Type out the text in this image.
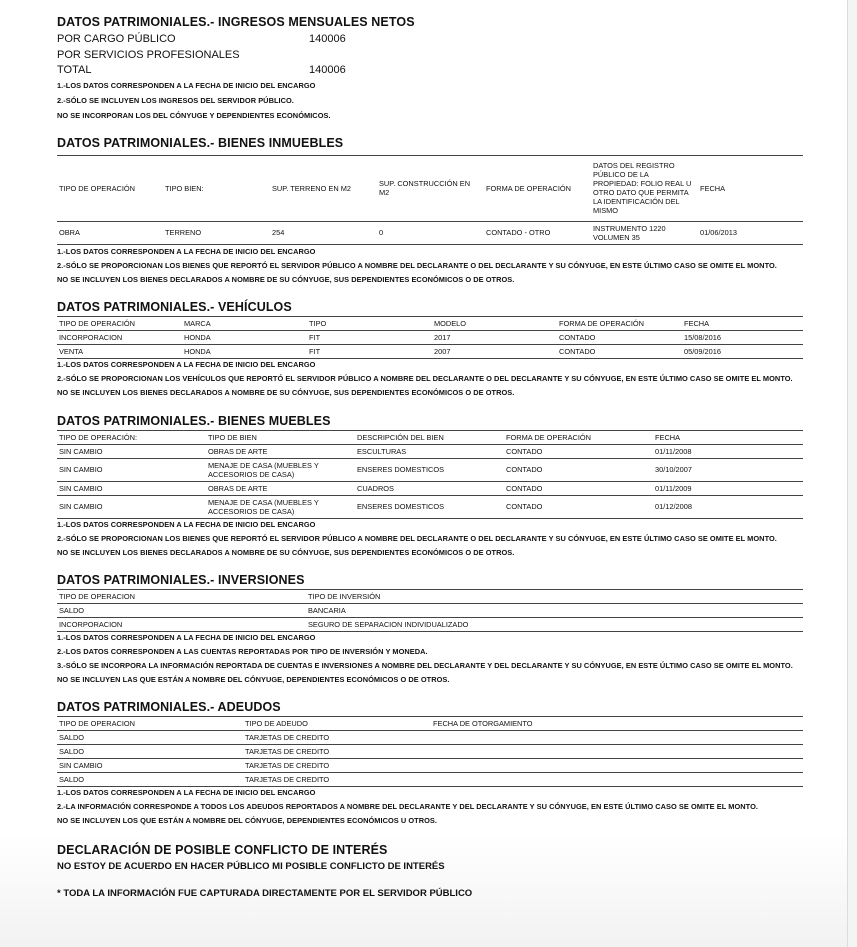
DATOS PATRIMONIALES.- INGRESOS MENSUALES NETOS
POR CARGO PÚBLICO	140006
POR SERVICIOS PROFESIONALES
TOTAL	140006

1.-LOS DATOS CORRESPONDEN A LA FECHA DE INICIO DEL ENCARGO

2.-SÓLO SE INCLUYEN LOS INGRESOS DEL SERVIDOR PÚBLICO.

NO SE INCORPORAN LOS DEL CÓNYUGE Y DEPENDIENTES ECONÓMICOS.

DATOS PATRIMONIALES.- BIENES INMUEBLES
TIPO DE OPERACIÓN	TIPO BIEN:	SUP. TERRENO EN M2	SUP. CONSTRUCCIÓN EN M2	FORMA DE OPERACIÓN	DATOS DEL REGISTRO PÚBLICO DE LA PROPIEDAD: FOLIO REAL U OTRO DATO QUE PERMITA LA IDENTIFICACIÓN DEL MISMO	FECHA
OBRA	TERRENO	254	0	CONTADO - OTRO	INSTRUMENTO 1220 VOLUMEN 35	01/06/2013

1.-LOS DATOS CORRESPONDEN A LA FECHA DE INICIO DEL ENCARGO

2.-SÓLO SE PROPORCIONAN LOS BIENES QUE REPORTÓ EL SERVIDOR PÚBLICO A NOMBRE DEL DECLARANTE O DEL DECLARANTE Y SU CÓNYUGE, EN ESTE ÚLTIMO CASO SE OMITE EL MONTO.

NO SE INCLUYEN LOS BIENES DECLARADOS A NOMBRE DE SU CÓNYUGE, SUS DEPENDIENTES ECONÓMICOS O DE OTROS.

DATOS PATRIMONIALES.- VEHÍCULOS
TIPO DE OPERACIÓN	MARCA	TIPO	MODELO	FORMA DE OPERACIÓN	FECHA
INCORPORACION	HONDA	FIT	2017	CONTADO	15/08/2016
VENTA	HONDA	FIT	2007	CONTADO	05/09/2016

1.-LOS DATOS CORRESPONDEN A LA FECHA DE INICIO DEL ENCARGO

2.-SÓLO SE PROPORCIONAN LOS VEHÍCULOS QUE REPORTÓ EL SERVIDOR PÚBLICO A NOMBRE DEL DECLARANTE O DEL DECLARANTE Y SU CÓNYUGE, EN ESTE ÚLTIMO CASO SE OMITE EL MONTO.

NO SE INCLUYEN LOS BIENES DECLARADOS A NOMBRE DE SU CÓNYUGE, SUS DEPENDIENTES ECONÓMICOS O DE OTROS.

DATOS PATRIMONIALES.- BIENES MUEBLES
TIPO DE OPERACIÓN:	TIPO DE BIEN	DESCRIPCIÓN DEL BIEN	FORMA DE OPERACIÓN	FECHA
SIN CAMBIO	OBRAS DE ARTE	ESCULTURAS	CONTADO	01/11/2008
SIN CAMBIO	MENAJE DE CASA (MUEBLES Y ACCESORIOS DE CASA)	ENSERES DOMESTICOS	CONTADO	30/10/2007
SIN CAMBIO	OBRAS DE ARTE	CUADROS	CONTADO	01/11/2009
SIN CAMBIO	MENAJE DE CASA (MUEBLES Y ACCESORIOS DE CASA)	ENSERES DOMESTICOS	CONTADO	01/12/2008

1.-LOS DATOS CORRESPONDEN A LA FECHA DE INICIO DEL ENCARGO

2.-SÓLO SE PROPORCIONAN LOS BIENES QUE REPORTÓ EL SERVIDOR PÚBLICO A NOMBRE DEL DECLARANTE O DEL DECLARANTE Y SU CÓNYUGE, EN ESTE ÚLTIMO CASO SE OMITE EL MONTO.

NO SE INCLUYEN LOS BIENES DECLARADOS A NOMBRE DE SU CÓNYUGE, SUS DEPENDIENTES ECONÓMICOS O DE OTROS.

DATOS PATRIMONIALES.- INVERSIONES
TIPO DE OPERACION	TIPO DE INVERSIÓN	
SALDO	BANCARIA	
INCORPORACION	SEGURO DE SEPARACION INDIVIDUALIZADO	

1.-LOS DATOS CORRESPONDEN A LA FECHA DE INICIO DEL ENCARGO

2.-LOS DATOS CORRESPONDEN A LAS CUENTAS REPORTADAS POR TIPO DE INVERSIÓN Y MONEDA.

3.-SÓLO SE INCORPORA LA INFORMACIÓN REPORTADA DE CUENTAS E INVERSIONES A NOMBRE DEL DECLARANTE Y DEL DECLARANTE Y SU CÓNYUGE, EN ESTE ÚLTIMO CASO SE OMITE EL MONTO.

NO SE INCLUYEN LAS QUE ESTÁN A NOMBRE DEL CÓNYUGE, DEPENDIENTES ECONÓMICOS O DE OTROS.

DATOS PATRIMONIALES.- ADEUDOS
TIPO DE OPERACION	TIPO DE ADEUDO	FECHA DE OTORGAMIENTO	
SALDO	TARJETAS DE CREDITO		
SALDO	TARJETAS DE CREDITO		
SIN CAMBIO	TARJETAS DE CREDITO		
SALDO	TARJETAS DE CREDITO		

1.-LOS DATOS CORRESPONDEN A LA FECHA DE INICIO DEL ENCARGO

2.-LA INFORMACIÓN CORRESPONDE A TODOS LOS ADEUDOS REPORTADOS A NOMBRE DEL DECLARANTE Y DEL DECLARANTE Y SU CÓNYUGE, EN ESTE ÚLTIMO CASO SE OMITE EL MONTO.

NO SE INCLUYEN LOS QUE ESTÁN A NOMBRE DEL CÓNYUGE, DEPENDIENTES ECONÓMICOS U OTROS.

DECLARACIÓN DE POSIBLE CONFLICTO DE INTERÉS

NO ESTOY DE ACUERDO EN HACER PÚBLICO MI POSIBLE CONFLICTO DE INTERÉS

* TODA LA INFORMACIÓN FUE CAPTURADA DIRECTAMENTE POR EL SERVIDOR PÚBLICO
